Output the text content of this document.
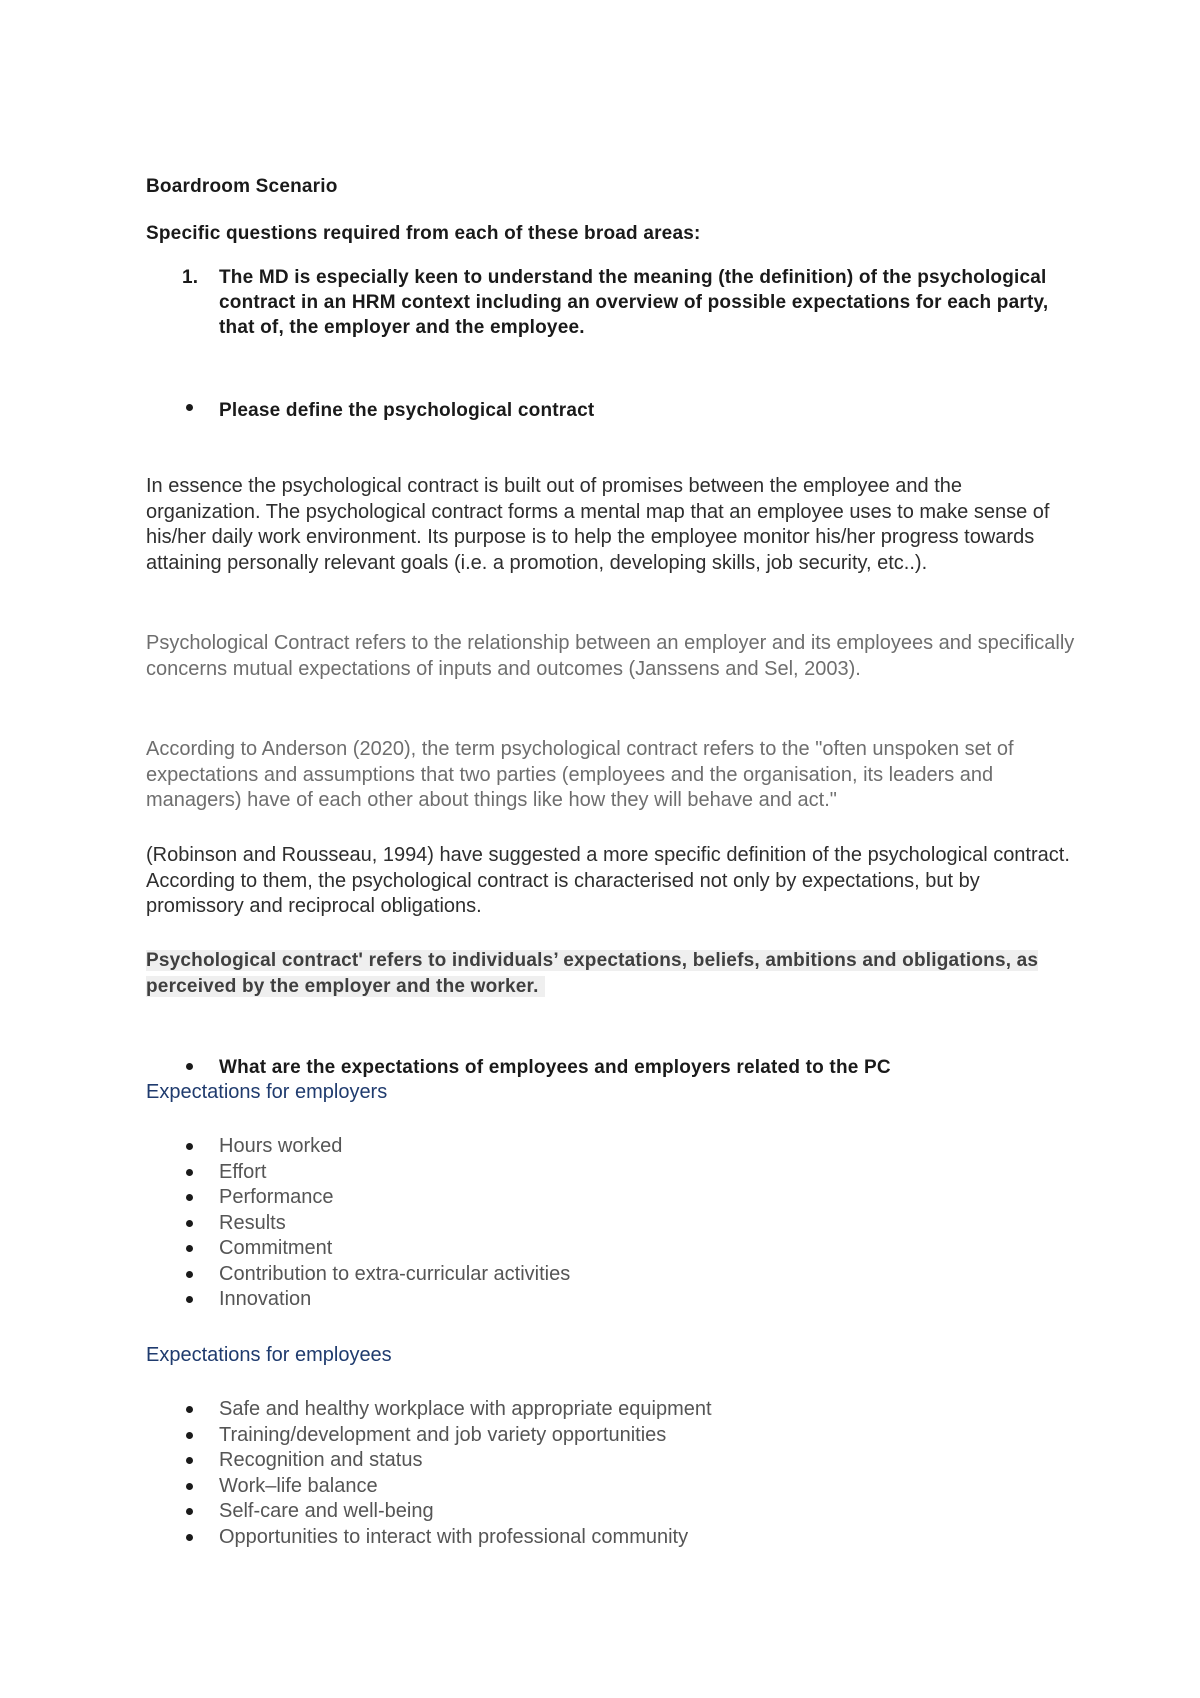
Boardroom Scenario
Specific questions required from each of these broad areas:
1. The MD is especially keen to understand the meaning (the definition) of the psychological contract in an HRM context including an overview of possible expectations for each party, that of, the employer and the employee.
Please define the psychological contract
In essence the psychological contract is built out of promises between the employee and the organization. The psychological contract forms a mental map that an employee uses to make sense of his/her daily work environment. Its purpose is to help the employee monitor his/her progress towards attaining personally relevant goals (i.e. a promotion, developing skills, job security, etc..).
Psychological Contract refers to the relationship between an employer and its employees and specifically concerns mutual expectations of inputs and outcomes (Janssens and Sel, 2003).
According to Anderson (2020), the term psychological contract refers to the "often unspoken set of expectations and assumptions that two parties (employees and the organisation, its leaders and managers) have of each other about things like how they will behave and act."
(Robinson and Rousseau, 1994) have suggested a more specific definition of the psychological contract. According to them, the psychological contract is characterised not only by expectations, but by promissory and reciprocal obligations.
Psychological contract' refers to individuals’ expectations, beliefs, ambitions and obligations, as perceived by the employer and the worker.
What are the expectations of employees and employers related to the PC
Expectations for employers
Hours worked
Effort
Performance
Results
Commitment
Contribution to extra-curricular activities
Innovation
Expectations for employees
Safe and healthy workplace with appropriate equipment
Training/development and job variety opportunities
Recognition and status
Work–life balance
Self-care and well-being
Opportunities to interact with professional community
